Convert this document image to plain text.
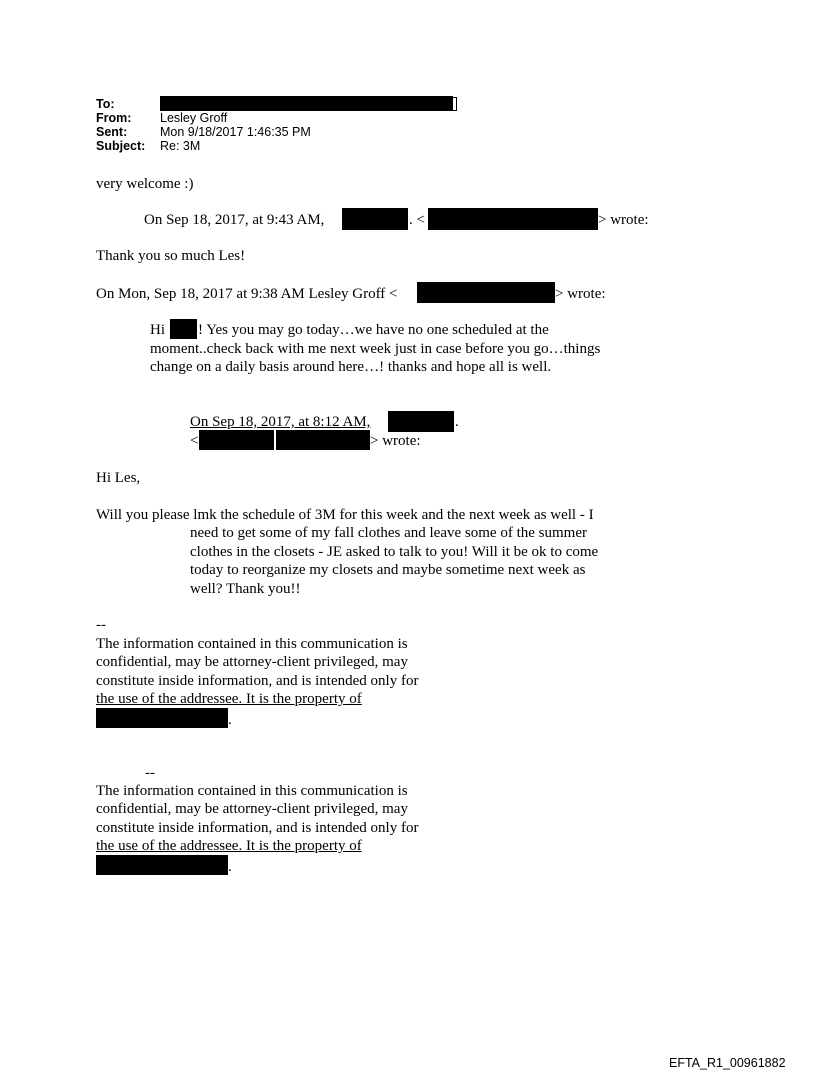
To:
From: Lesley Groff
Sent:	Mon 9/18/2017 1:46:35 PM
Subject: Re: 3M
very welcome :)
On Sep 18, 2017, at 9:43 AM,	. <	> wrote:
Thank you so much Les!
On Mon, Sep 18, 2017 at 9:38 AM Lesley Groff <	> wrote:
Hi ! Yes you may go today…we have no one scheduled at the
moment..check back with me next week just in case before you go…things
change on a daily basis around here…! thanks and hope all is well.
On Sep 18, 2017, at 8:12 AM,	.
<	> wrote:
Hi Les,
Will you please lmk the schedule of 3M for this week and the next week as well - I
need to get some of my fall clothes and leave some of the summer
clothes in the closets - JE asked to talk to you! Will it be ok to come
today to reorganize my closets and maybe sometime next week as
well? Thank you!!
--
The information contained in this communication is
confidential, may be attorney-client privileged, may
constitute inside information, and is intended only for
the use of the addressee. It is the property of
.
--
The information contained in this communication is
confidential, may be attorney-client privileged, may
constitute inside information, and is intended only for
the use of the addressee. It is the property of
.
EFTA_R1_00961882
